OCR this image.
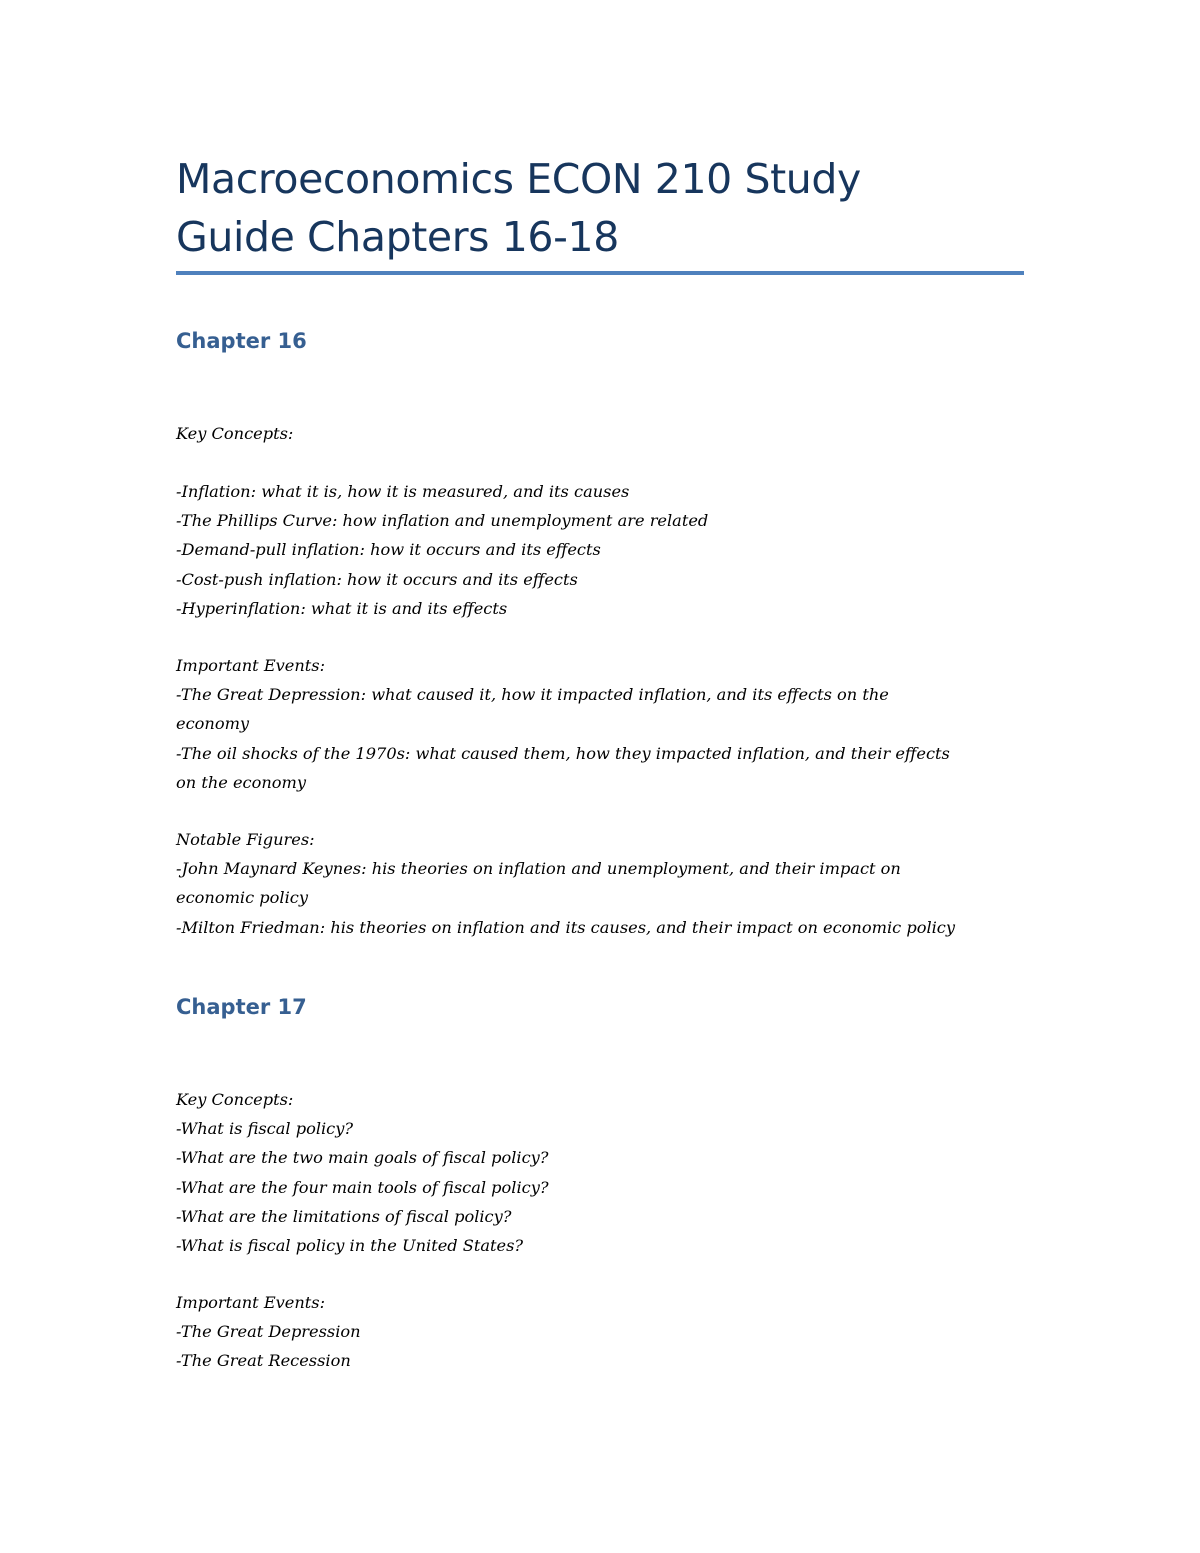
Macroeconomics ECON 210 Study
Guide Chapters 16-18
Chapter 16
Key Concepts:
-Inflation: what it is, how it is measured, and its causes
-The Phillips Curve: how inflation and unemployment are related
-Demand-pull inflation: how it occurs and its effects
-Cost-push inflation: how it occurs and its effects
-Hyperinflation: what it is and its effects
Important Events:
-The Great Depression: what caused it, how it impacted inflation, and its effects on the
economy
-The oil shocks of the 1970s: what caused them, how they impacted inflation, and their effects
on the economy
Notable Figures:
-John Maynard Keynes: his theories on inflation and unemployment, and their impact on
economic policy
-Milton Friedman: his theories on inflation and its causes, and their impact on economic policy
Chapter 17
Key Concepts:
-What is fiscal policy?
-What are the two main goals of fiscal policy?
-What are the four main tools of fiscal policy?
-What are the limitations of fiscal policy?
-What is fiscal policy in the United States?
Important Events:
-The Great Depression
-The Great Recession
